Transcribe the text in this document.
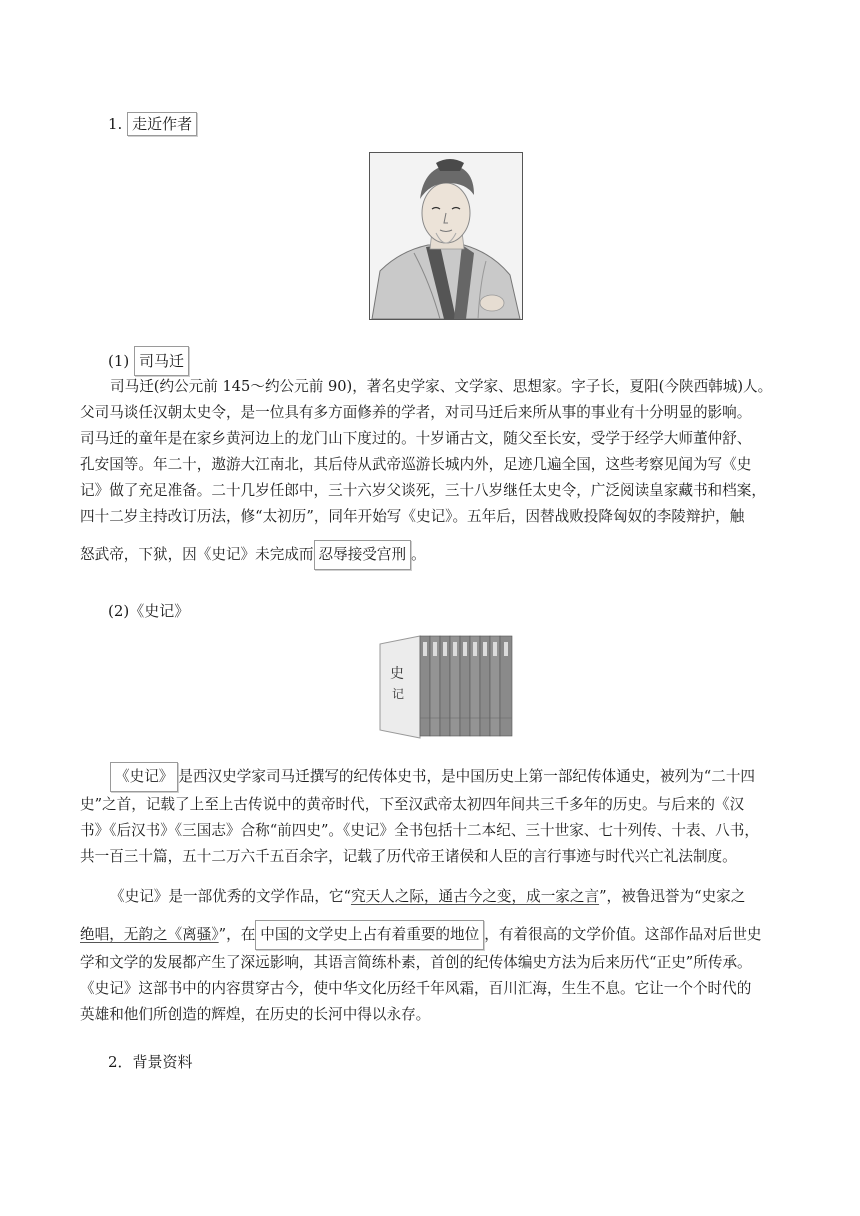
1. 走近作者
(1) 司马迁
司马迁(约公元前 145～约公元前 90)，著名史学家、文学家、思想家。字子长，夏阳(今陕西韩城)人。
父司马谈任汉朝太史令，是一位具有多方面修养的学者，对司马迁后来所从事的事业有十分明显的影响。
司马迁的童年是在家乡黄河边上的龙门山下度过的。十岁诵古文，随父至长安，受学于经学大师董仲舒、
孔安国等。年二十，遨游大江南北，其后侍从武帝巡游长城内外，足迹几遍全国，这些考察见闻为写《史
记》做了充足准备。二十几岁任郎中，三十六岁父谈死，三十八岁继任太史令，广泛阅读皇家藏书和档案，
四十二岁主持改订历法，修“太初历”，同年开始写《史记》。五年后，因替战败投降匈奴的李陵辩护，触
怒武帝，下狱，因《史记》未完成而 忍辱接受宫刑 。
(2)《史记》
史
记
《史记》 是西汉史学家司马迁撰写的纪传体史书，是中国历史上第一部纪传体通史，被列为“二十四
史”之首，记载了上至上古传说中的黄帝时代，下至汉武帝太初四年间共三千多年的历史。与后来的《汉
书》《后汉书》《三国志》合称“前四史”。《史记》全书包括十二本纪、三十世家、七十列传、十表、八书，
共一百三十篇，五十二万六千五百余字，记载了历代帝王诸侯和人臣的言行事迹与时代兴亡礼法制度。
《史记》是一部优秀的文学作品，它“究天人之际，通古今之变，成一家之言”，被鲁迅誉为“史家之
绝唱，无韵之《离骚》”，在 中国的文学史上占有着重要的地位 ，有着很高的文学价值。这部作品对后世史
学和文学的发展都产生了深远影响，其语言简练朴素，首创的纪传体编史方法为后来历代“正史”所传承。
《史记》这部书中的内容贯穿古今，使中华文化历经千年风霜，百川汇海，生生不息。它让一个个时代的
英雄和他们所创造的辉煌，在历史的长河中得以永存。
2．背景资料
